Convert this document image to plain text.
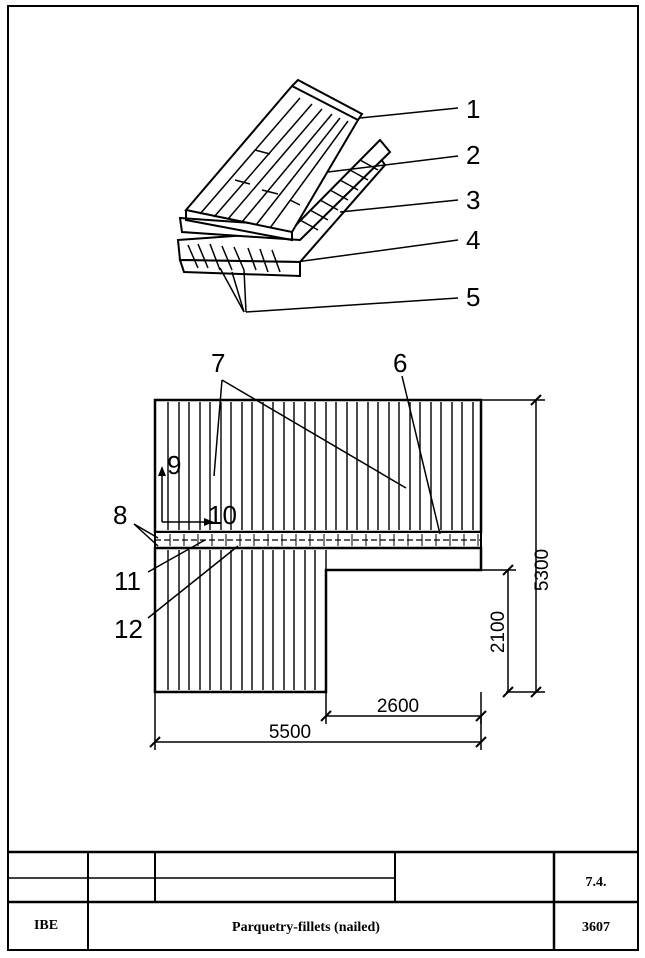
1
2
3
4
5
7	6
9
10
8
11
12
5300
2100
2600
5500
IBE	Parquetry-fillets (nailed)
7.4.
3607
